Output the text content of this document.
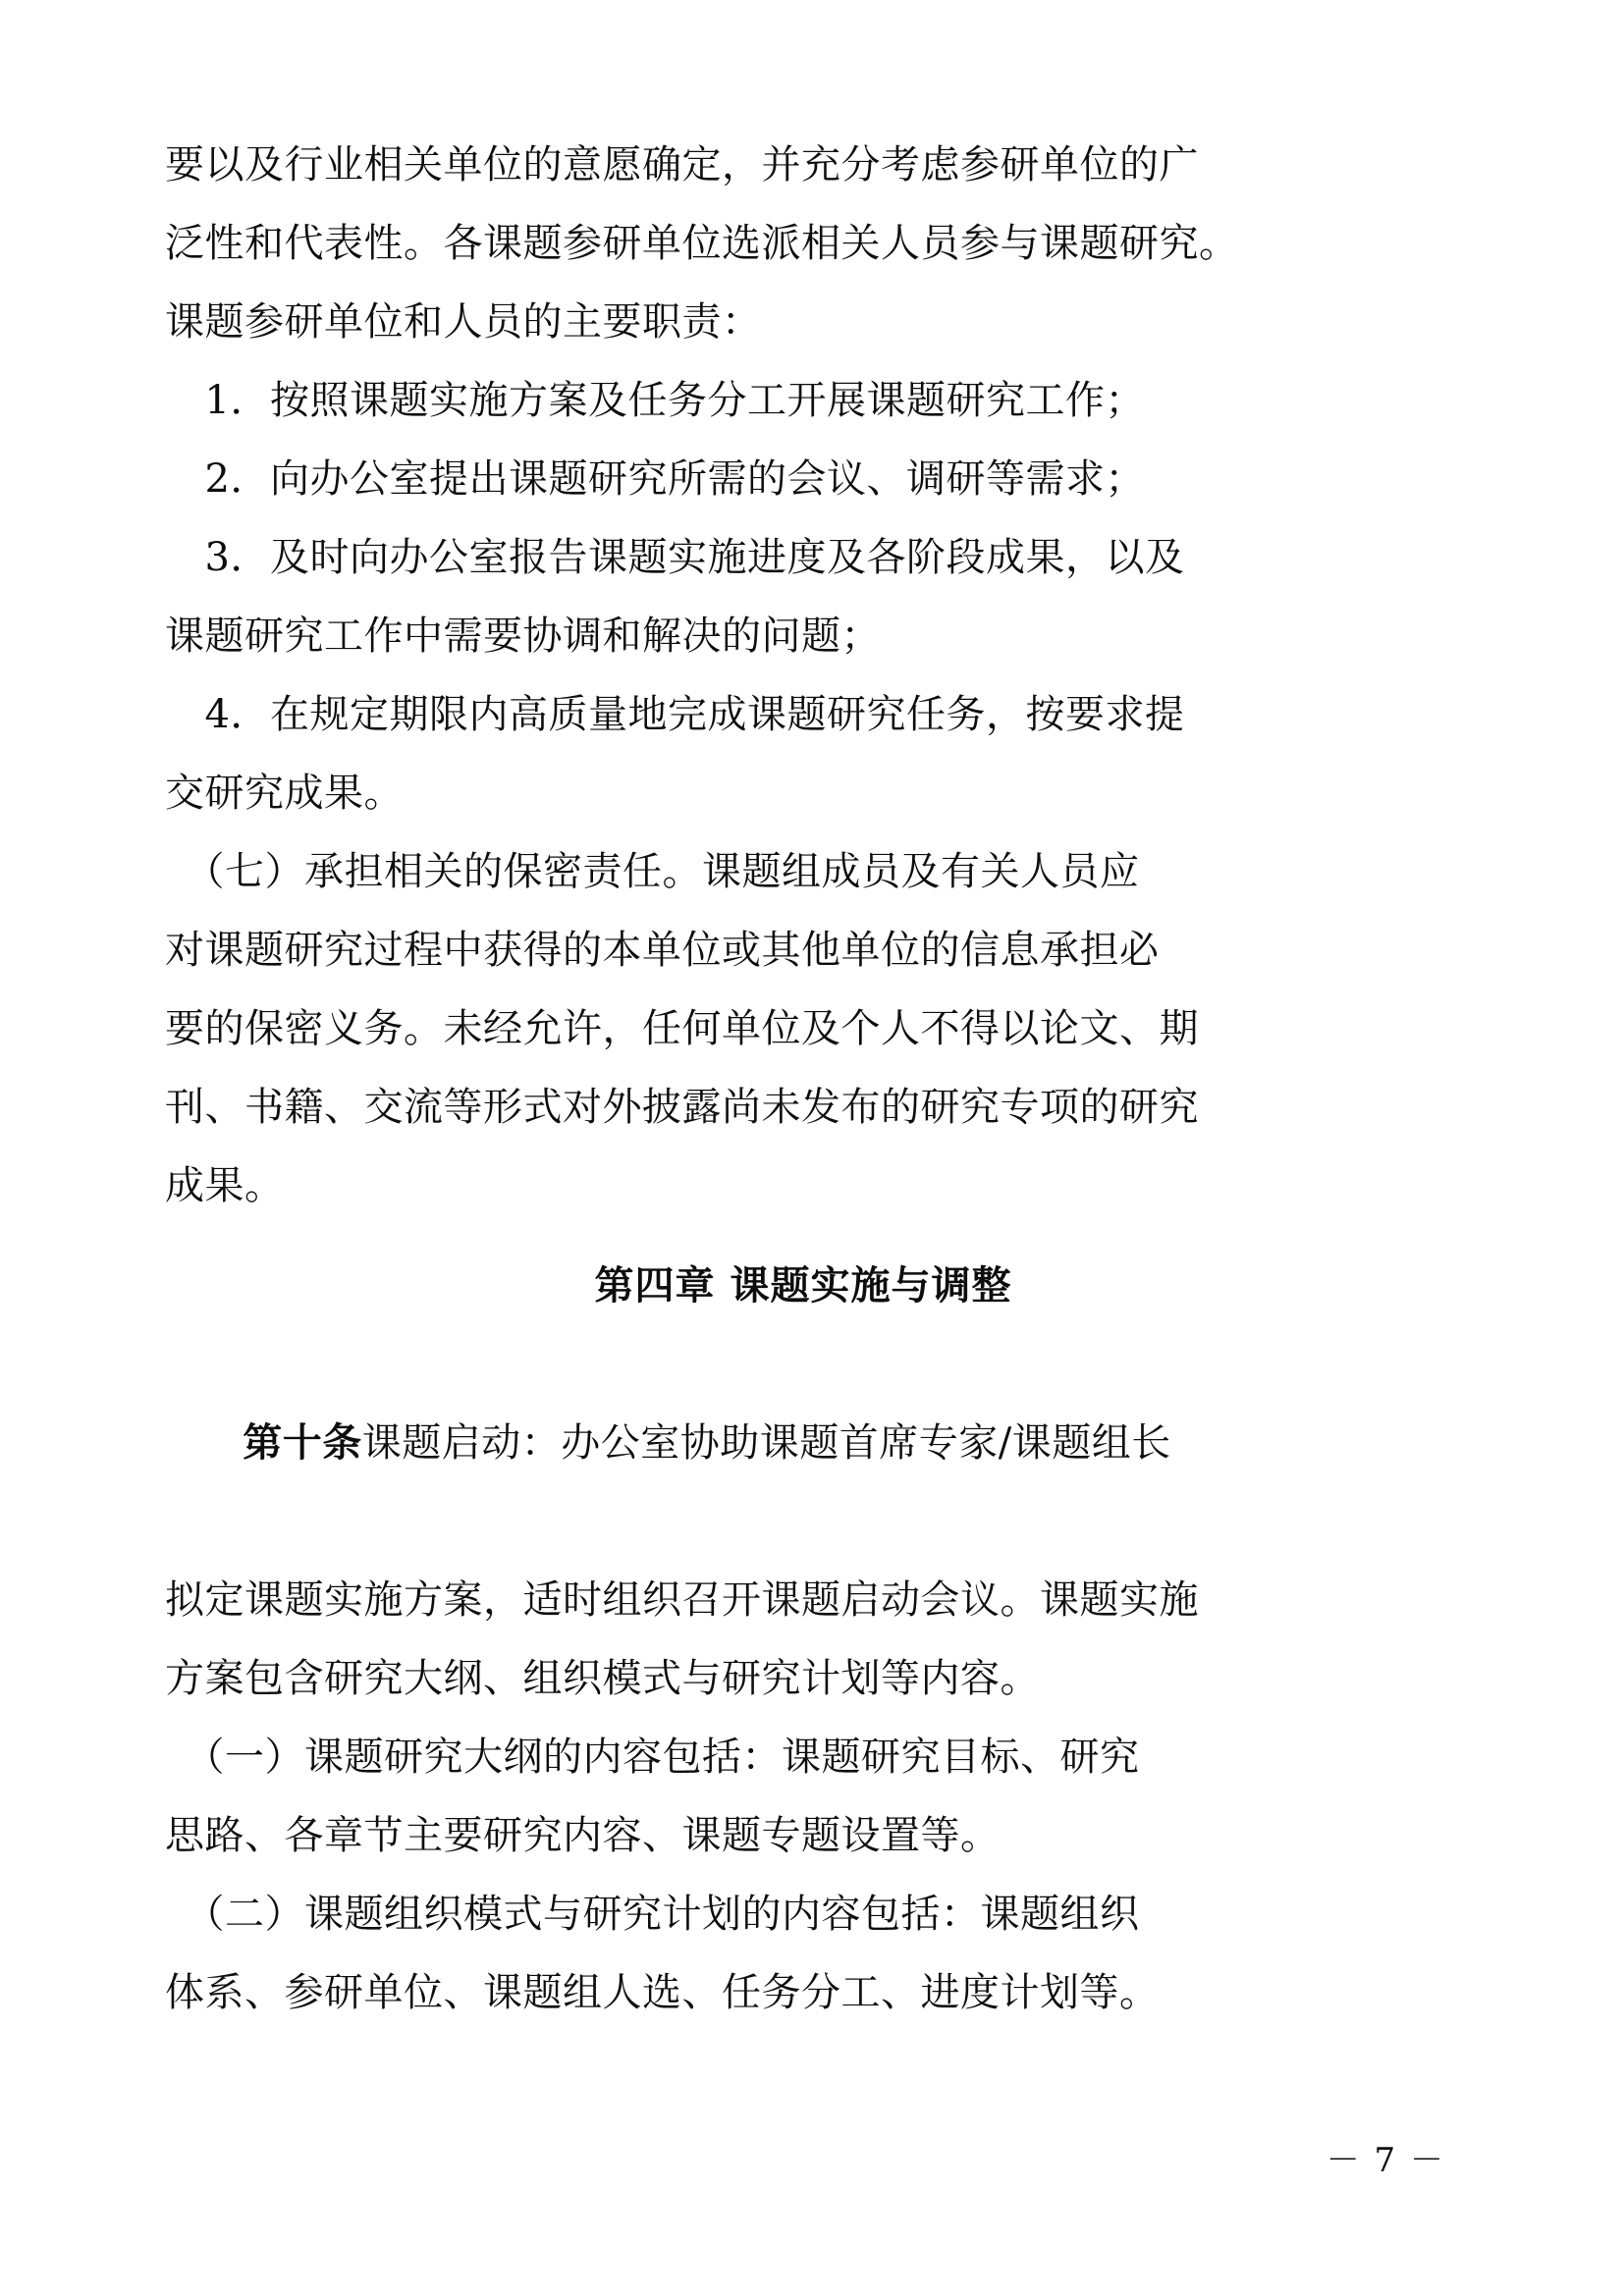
要以及行业相关单位的意愿确定，并充分考虑参研单位的广

泛性和代表性。各课题参研单位选派相关人员参与课题研究。

课题参研单位和人员的主要职责：

　1．按照课题实施方案及任务分工开展课题研究工作；

　2．向办公室提出课题研究所需的会议、调研等需求；

　3．及时向办公室报告课题实施进度及各阶段成果，以及

课题研究工作中需要协调和解决的问题；

　4．在规定期限内高质量地完成课题研究任务，按要求提

交研究成果。

　（七）承担相关的保密责任。课题组成员及有关人员应

对课题研究过程中获得的本单位或其他单位的信息承担必

要的保密义务。未经允许，任何单位及个人不得以论文、期

刊、书籍、交流等形式对外披露尚未发布的研究专项的研究

成果。

第四章 课题实施与调整

第十条课题启动：办公室协助课题首席专家/课题组长

拟定课题实施方案，适时组织召开课题启动会议。课题实施

方案包含研究大纲、组织模式与研究计划等内容。

　（一）课题研究大纲的内容包括：课题研究目标、研究

思路、各章节主要研究内容、课题专题设置等。

　（二）课题组织模式与研究计划的内容包括：课题组织

体系、参研单位、课题组人选、任务分工、进度计划等。

－ 7 －
